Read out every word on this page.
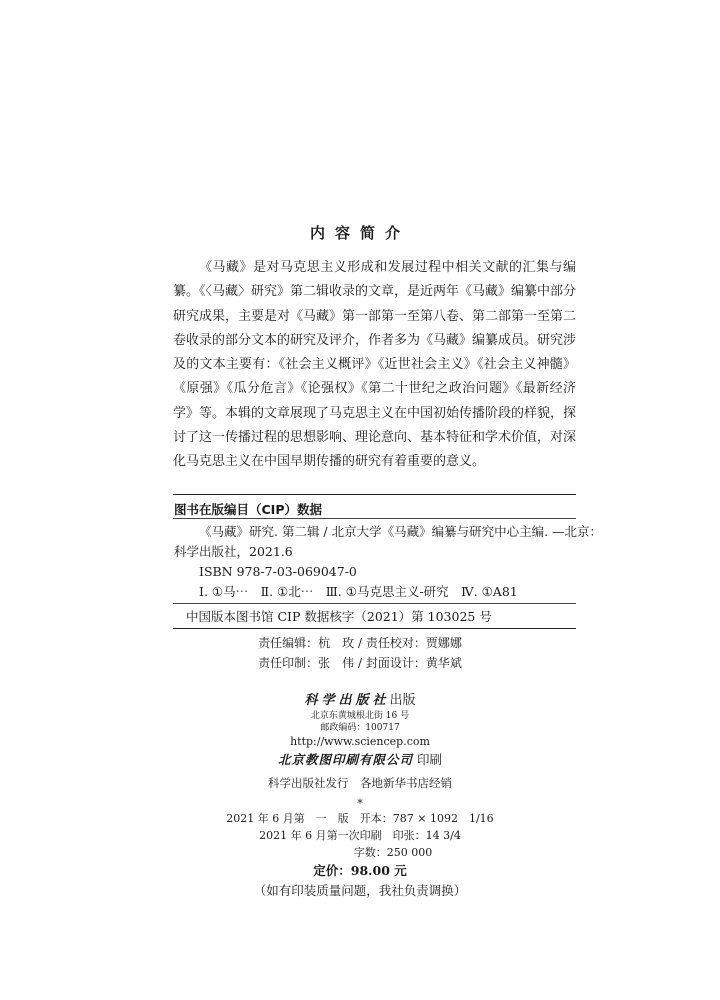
内容简介
《马藏》是对马克思主义形成和发展过程中相关文献的汇集与编纂。《〈马藏〉研究》第二辑收录的文章，是近两年《马藏》编纂中部分研究成果，主要是对《马藏》第一部第一至第八卷、第二部第一至第二卷收录的部分文本的研究及评介，作者多为《马藏》编纂成员。研究涉及的文本主要有：《社会主义概评》《近世社会主义》《社会主义神髓》《原强》《瓜分危言》《论强权》《第二十世纪之政治问题》《最新经济学》等。本辑的文章展现了马克思主义在中国初始传播阶段的样貌，探讨了这一传播过程的思想影响、理论意向、基本特征和学术价值，对深化马克思主义在中国早期传播的研究有着重要的意义。
图书在版编目（CIP）数据
《马藏》研究. 第二辑 / 北京大学《马藏》编纂与研究中心主编. —北京：
科学出版社，2021.6
ISBN 978-7-03-069047-0
Ⅰ. ①马⋯　Ⅱ. ①北⋯　Ⅲ. ①马克思主义-研究　Ⅳ. ①A81
中国版本图书馆 CIP 数据核字（2021）第 103025 号
责任编辑：杭　玫 / 责任校对：贾娜娜
责任印制：张　伟 / 封面设计：黄华斌
科学出版社出版
北京东黄城根北街 16 号
邮政编码：100717
http://www.sciencep.com
北京教图印刷有限公司 印刷
科学出版社发行　各地新华书店经销
*
2021 年 6 月第　一　版　开本：787 × 1092　1/16
2021 年 6 月第一次印刷　印张：14 3/4
　　　　　　字数：250 000
定价：98.00 元
（如有印装质量问题，我社负责调换）
